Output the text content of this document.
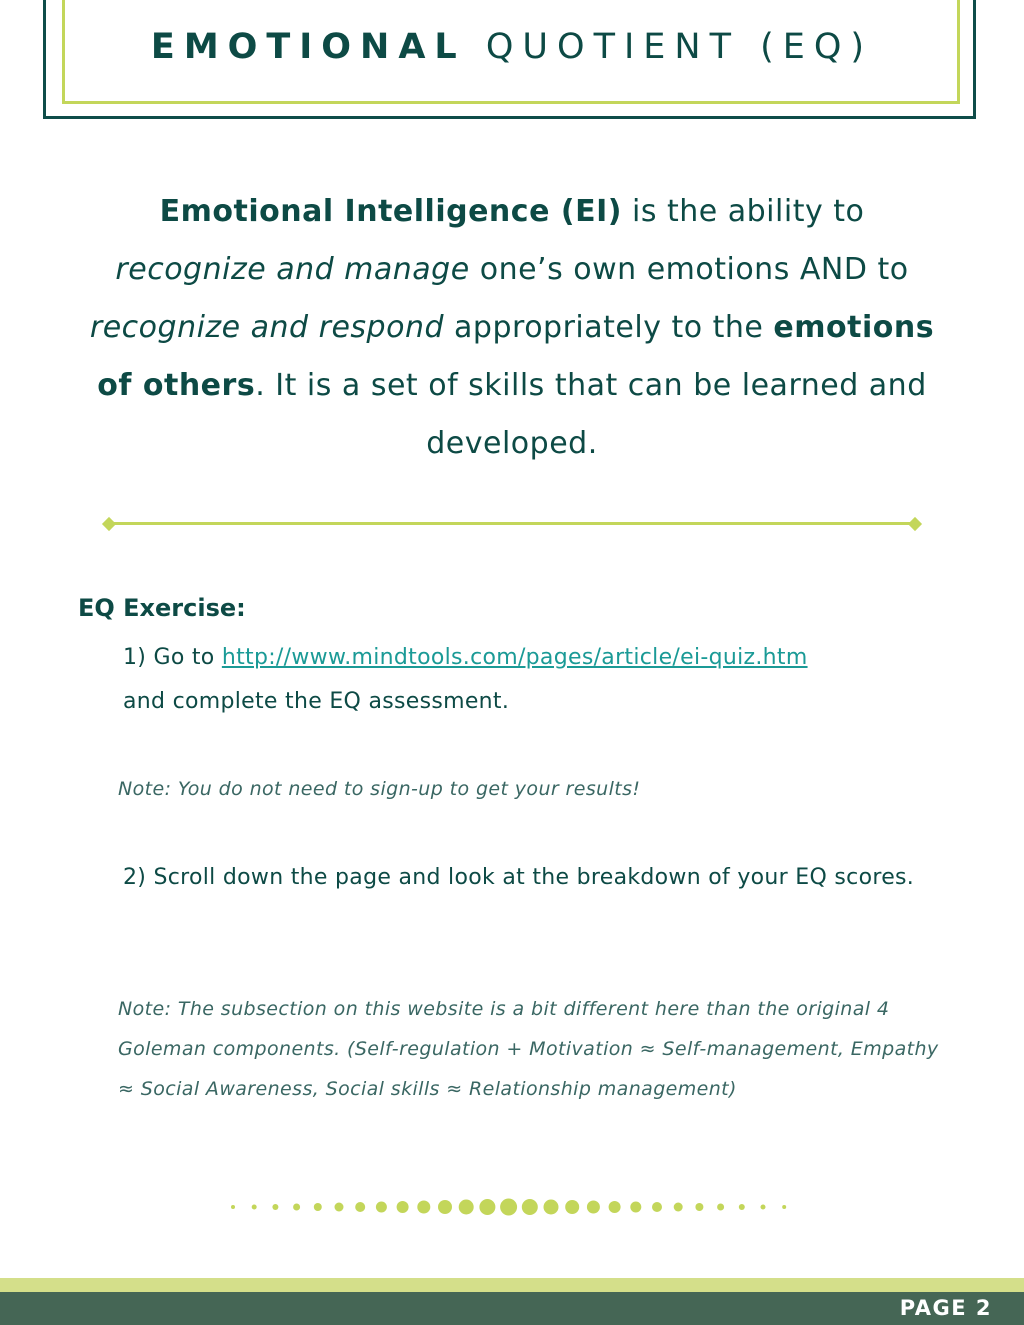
EMOTIONAL QUOTIENT (EQ)
Emotional Intelligence (EI) is the ability to recognize and manage one’s own emotions AND to recognize and respond appropriately to the emotions of others. It is a set of skills that can be learned and developed.
EQ Exercise:
1) Go to http://www.mindtools.com/pages/article/ei-quiz.htm
and complete the EQ assessment.
Note: You do not need to sign-up to get your results!
2) Scroll down the page and look at the breakdown of your EQ scores.
Note: The subsection on this website is a bit different here than the original 4 Goleman components. (Self-regulation + Motivation ≈ Self-management, Empathy ≈ Social Awareness, Social skills ≈ Relationship management)
PAGE 2
